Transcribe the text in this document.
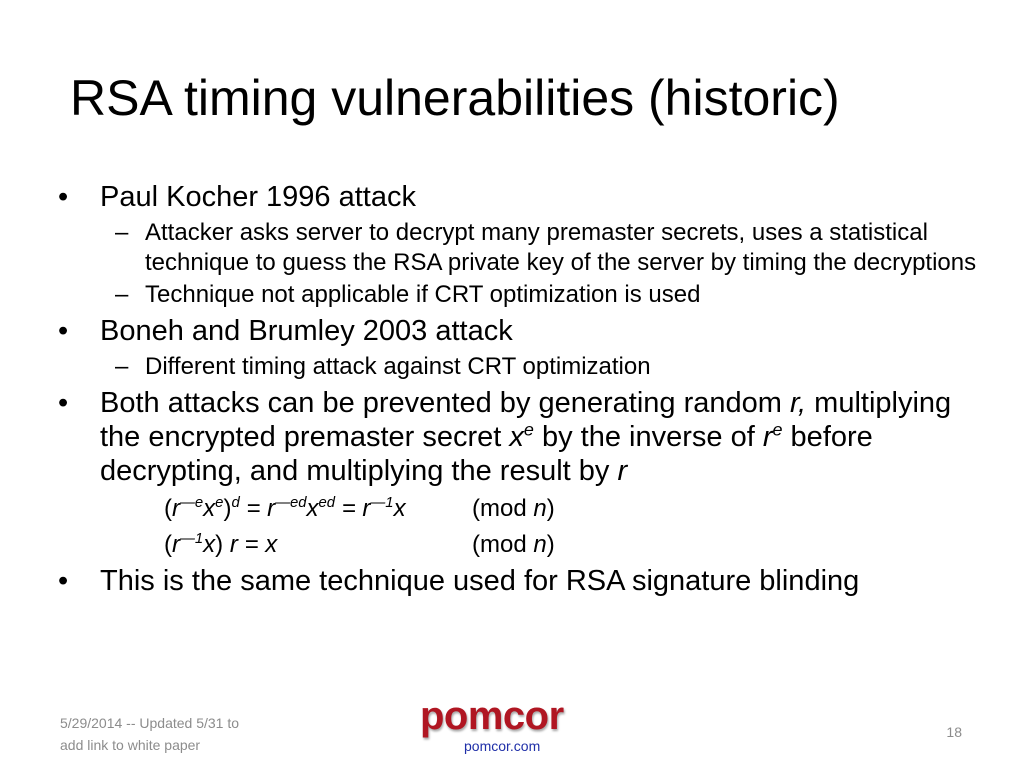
RSA timing vulnerabilities (historic)
•	Paul Kocher 1996 attack
– Attacker asks server to decrypt many premaster secrets, uses a statistical technique to guess the RSA private key of the server by timing the decryptions
– Technique not applicable if CRT optimization is used
•	Boneh and Brumley 2003 attack
– Different timing attack against CRT optimization
•	Both attacks can be prevented by generating random r, multiplying the encrypted premaster secret $x^e$ by the inverse of $r^e$ before decrypting, and multiplying the result by r
$(r^{—e}x^e)^d = r^{—ed}x^{ed} = r^{—1}x$	(mod n)
$(r^{—1}x) r = x$	(mod n)
•	This is the same technique used for RSA signature blinding
5/29/2014 -- Updated 5/31 to
add link to white paper
pomcor
pomcor.com
18
